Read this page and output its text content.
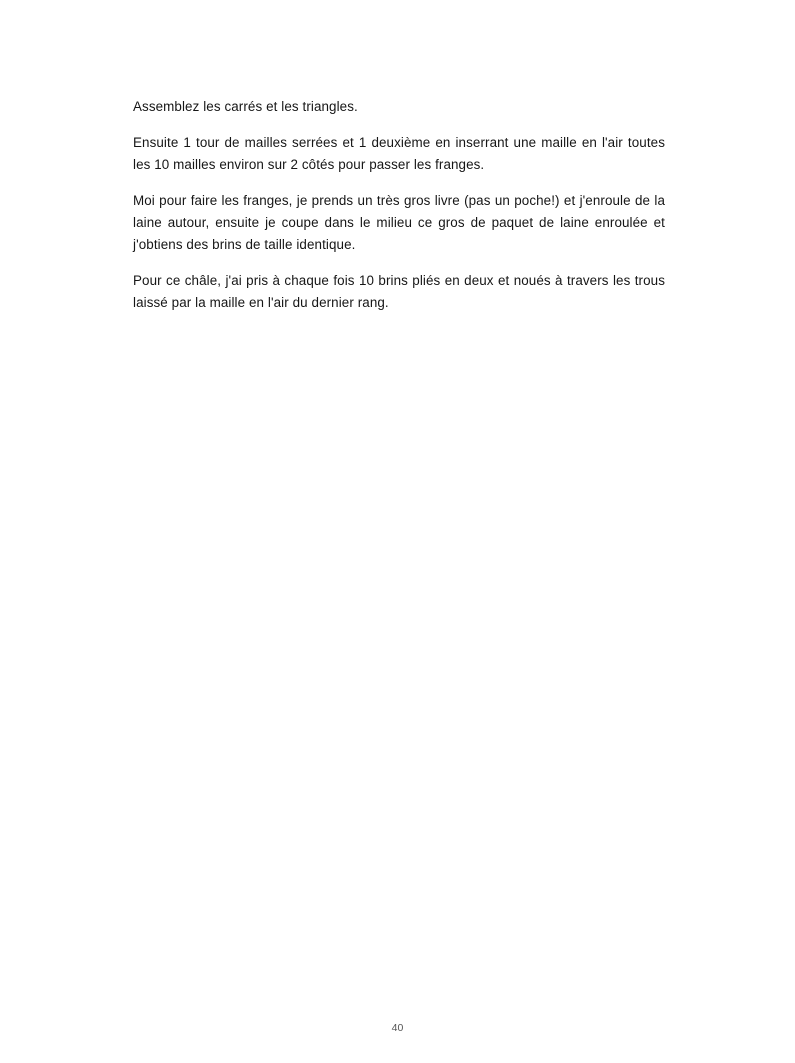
Assemblez les carrés et les triangles.

Ensuite 1 tour de mailles serrées et 1 deuxième en inserrant une maille en l'air toutes les 10 mailles environ sur 2 côtés pour passer les franges.

Moi pour faire les franges, je prends un très gros livre (pas un poche!) et j'enroule de la laine autour, ensuite je coupe dans le milieu ce gros de paquet de laine enroulée et j'obtiens des brins de taille identique.

Pour ce châle, j'ai pris à chaque fois 10 brins pliés en deux et noués à travers les trous laissé par la maille en l'air du dernier rang.

40
